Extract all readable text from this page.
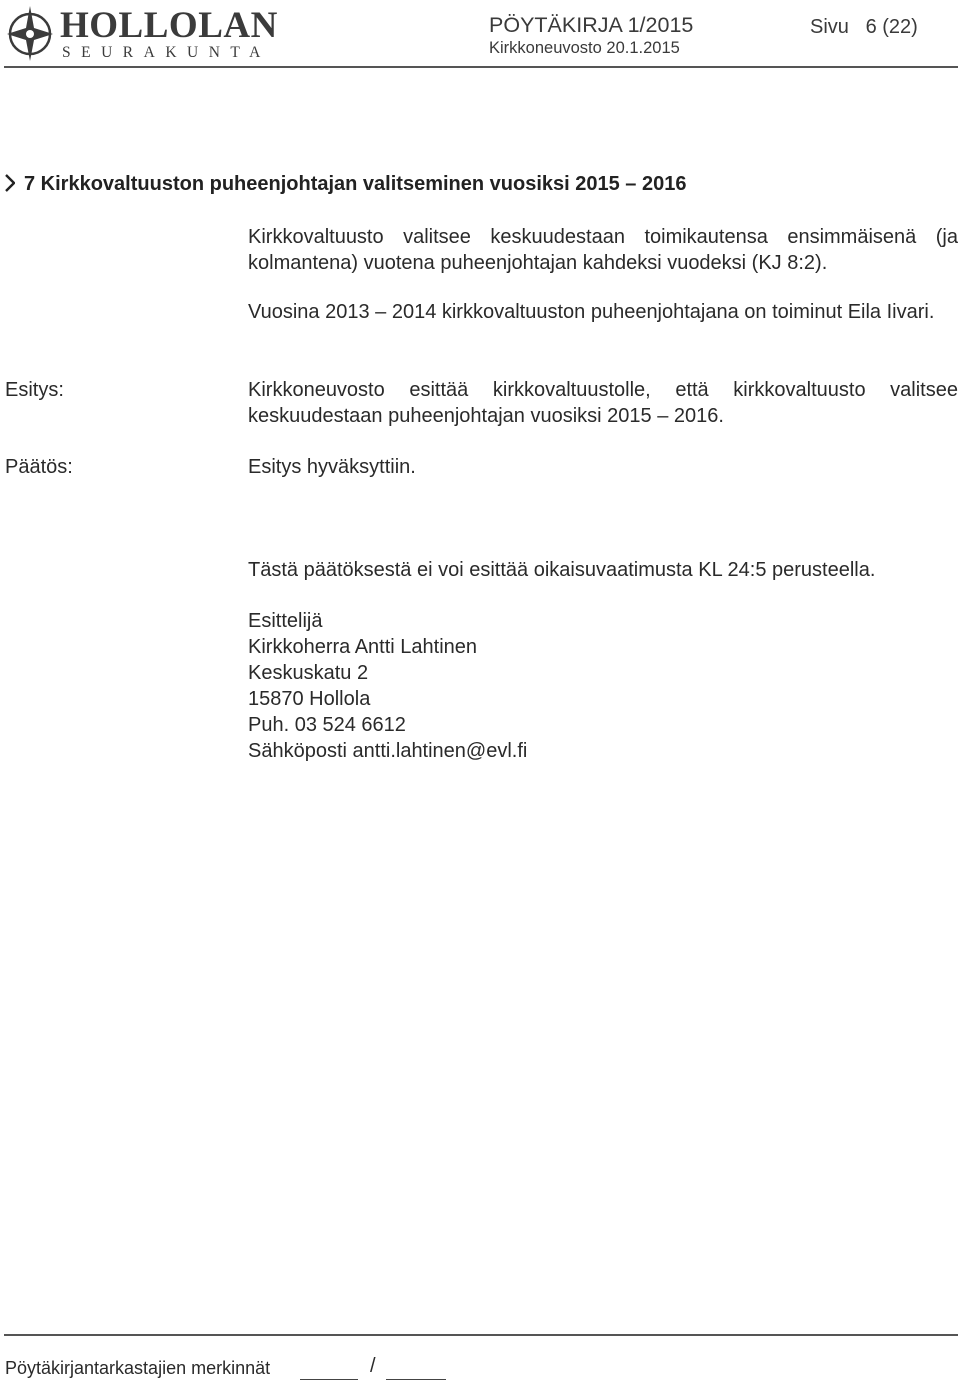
HOLLOLAN
SEURAKUNTA
PÖYTÄKIRJA 1/2015
Kirkkoneuvosto 20.1.2015
Sivu   6 (22)
7 Kirkkovaltuuston puheenjohtajan valitseminen vuosiksi 2015 – 2016
Kirkkovaltuusto valitsee keskuudestaan toimikautensa ensimmäisenä (ja kolmantena) vuotena puheenjohtajan kahdeksi vuodeksi (KJ 8:2).
Vuosina 2013 – 2014 kirkkovaltuuston puheenjohtajana on toiminut Eila Iivari.
Esitys:	Kirkkoneuvosto esittää kirkkovaltuustolle, että kirkkovaltuusto valitsee keskuudestaan puheenjohtajan vuosiksi 2015 – 2016.
Päätös:	Esitys hyväksyttiin.
Tästä päätöksestä ei voi esittää oikaisuvaatimusta KL 24:5 perusteella.
Esittelijä
Kirkkoherra Antti Lahtinen
Keskuskatu 2
15870 Hollola
Puh. 03 524 6612
Sähköposti antti.lahtinen@evl.fi
Pöytäkirjantarkastajien merkinnät	/
